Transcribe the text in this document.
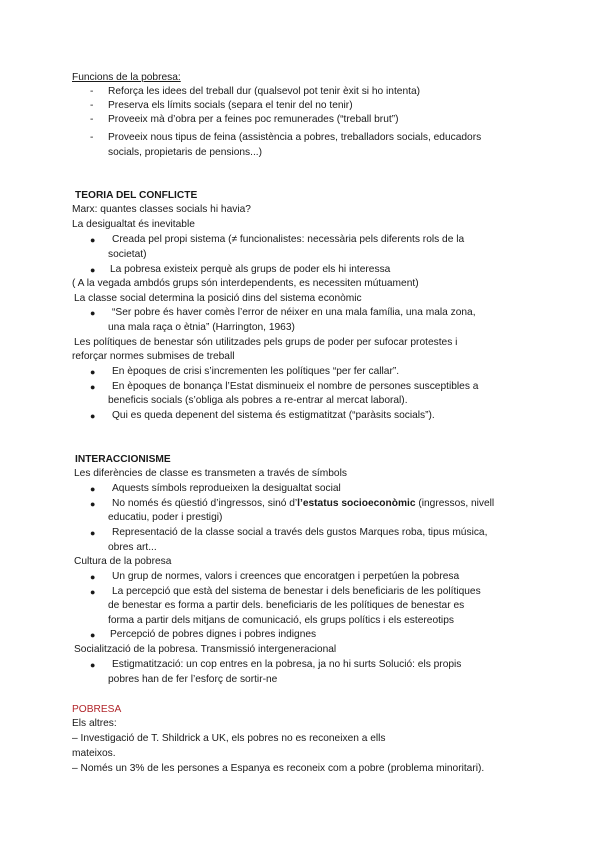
Funcions de la pobresa:
- Reforça les idees del treball dur (qualsevol pot tenir èxit si ho intenta)
- Preserva els límits socials (separa el tenir del no tenir)
- Proveeix mà d’obra per a feines poc remunerades (“treball brut”)
- Proveeix nous tipus de feina (assistència a pobres, treballadors socials, educadors
socials, propietaris de pensions...)
TEORIA DEL CONFLICTE
Marx: quantes classes socials hi havia?
La desigualtat és inevitable
● Creada pel propi sistema (≠ funcionalistes: necessària pels diferents rols de la
societat)
● La pobresa existeix perquè als grups de poder els hi interessa
( A la vegada ambdós grups són interdependents, es necessiten mútuament)
La classe social determina la posició dins del sistema econòmic
● “Ser pobre és haver comès l’error de néixer en una mala família, una mala zona,
una mala raça o ètnia” (Harrington, 1963)
Les polítiques de benestar són utilitzades pels grups de poder per sufocar protestes i
reforçar normes submises de treball
● En èpoques de crisi s’incrementen les polítiques “per fer callar”.
● En èpoques de bonança l’Estat disminueix el nombre de persones susceptibles a
beneficis socials (s’obliga als pobres a re-entrar al mercat laboral).
● Qui es queda depenent del sistema és estigmatitzat (“paràsits socials”).
INTERACCIONISME
Les diferències de classe es transmeten a través de símbols
● Aquests símbols reprodueixen la desigualtat social
● No només és qüestió d’ingressos, sinó d’l’estatus socioeconòmic (ingressos, nivell
educatiu, poder i prestigi)
● Representació de la classe social a través dels gustos Marques roba, tipus música,
obres art...
Cultura de la pobresa
● Un grup de normes, valors i creences que encoratgen i perpetúen la pobresa
● La percepció que està del sistema de benestar i dels beneficiaris de les polítiques
de benestar es forma a partir dels. beneficiaris de les polítiques de benestar es
forma a partir dels mitjans de comunicació, els grups polítics i els estereotips
● Percepció de pobres dignes i pobres indignes
Socialització de la pobresa. Transmissió intergeneracional
● Estigmatització: un cop entres en la pobresa, ja no hi surts Solució: els propis
pobres han de fer l’esforç de sortir-ne
POBRESA
Els altres:
– Investigació de T. Shildrick a UK, els pobres no es reconeixen a ells
mateixos.
– Només un 3% de les persones a Espanya es reconeix com a pobre (problema minoritari).
